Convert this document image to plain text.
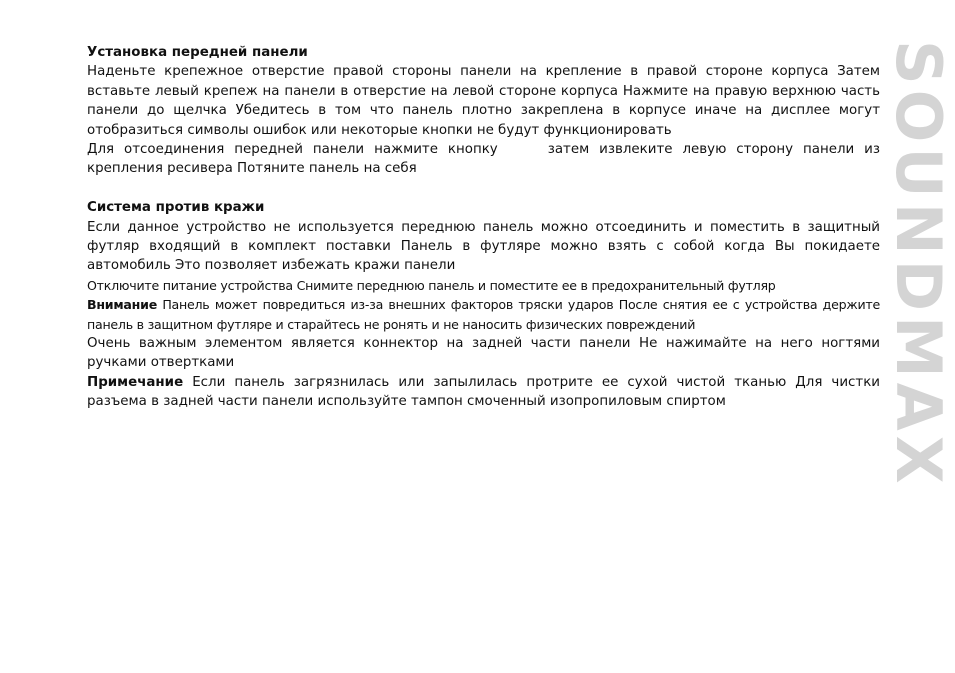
Установка передней панели

Наденьте крепежное отверстие правой стороны панели на крепление в правой стороне корпуса Затем вставьте левый крепеж на панели в отверстие на левой стороне корпуса Нажмите на правую верхнюю часть панели до щелчка Убедитесь в том что панель плотно закреплена в корпусе иначе на дисплее могут отобразиться символы ошибок или некоторые кнопки не будут функционировать

Для отсоединения передней панели нажмите кнопку	затем извлеките левую сторону панели из крепления ресивера Потяните панель на себя

Система против кражи

Если данное устройство не используется переднюю панель можно отсоединить и поместить в защитный футляр входящий в комплект поставки Панель в футляре можно взять с собой когда Вы покидаете автомобиль Это позволяет избежать кражи панели

Отключите питание устройства Снимите переднюю панель и поместите ее в предохранительный футляр

Внимание Панель может повредиться из-за внешних факторов тряски ударов После снятия ее с устройства держите панель в защитном футляре и старайтесь не ронять и не наносить физических повреждений

Очень важным элементом является коннектор на задней части панели Не нажимайте на него ногтями ручками отвертками

Примечание Если панель загрязнилась или запылилась протрите ее сухой чистой тканью Для чистки разъема в задней части панели используйте тампон смоченный изопропиловым спиртом	SOUNDMAX
